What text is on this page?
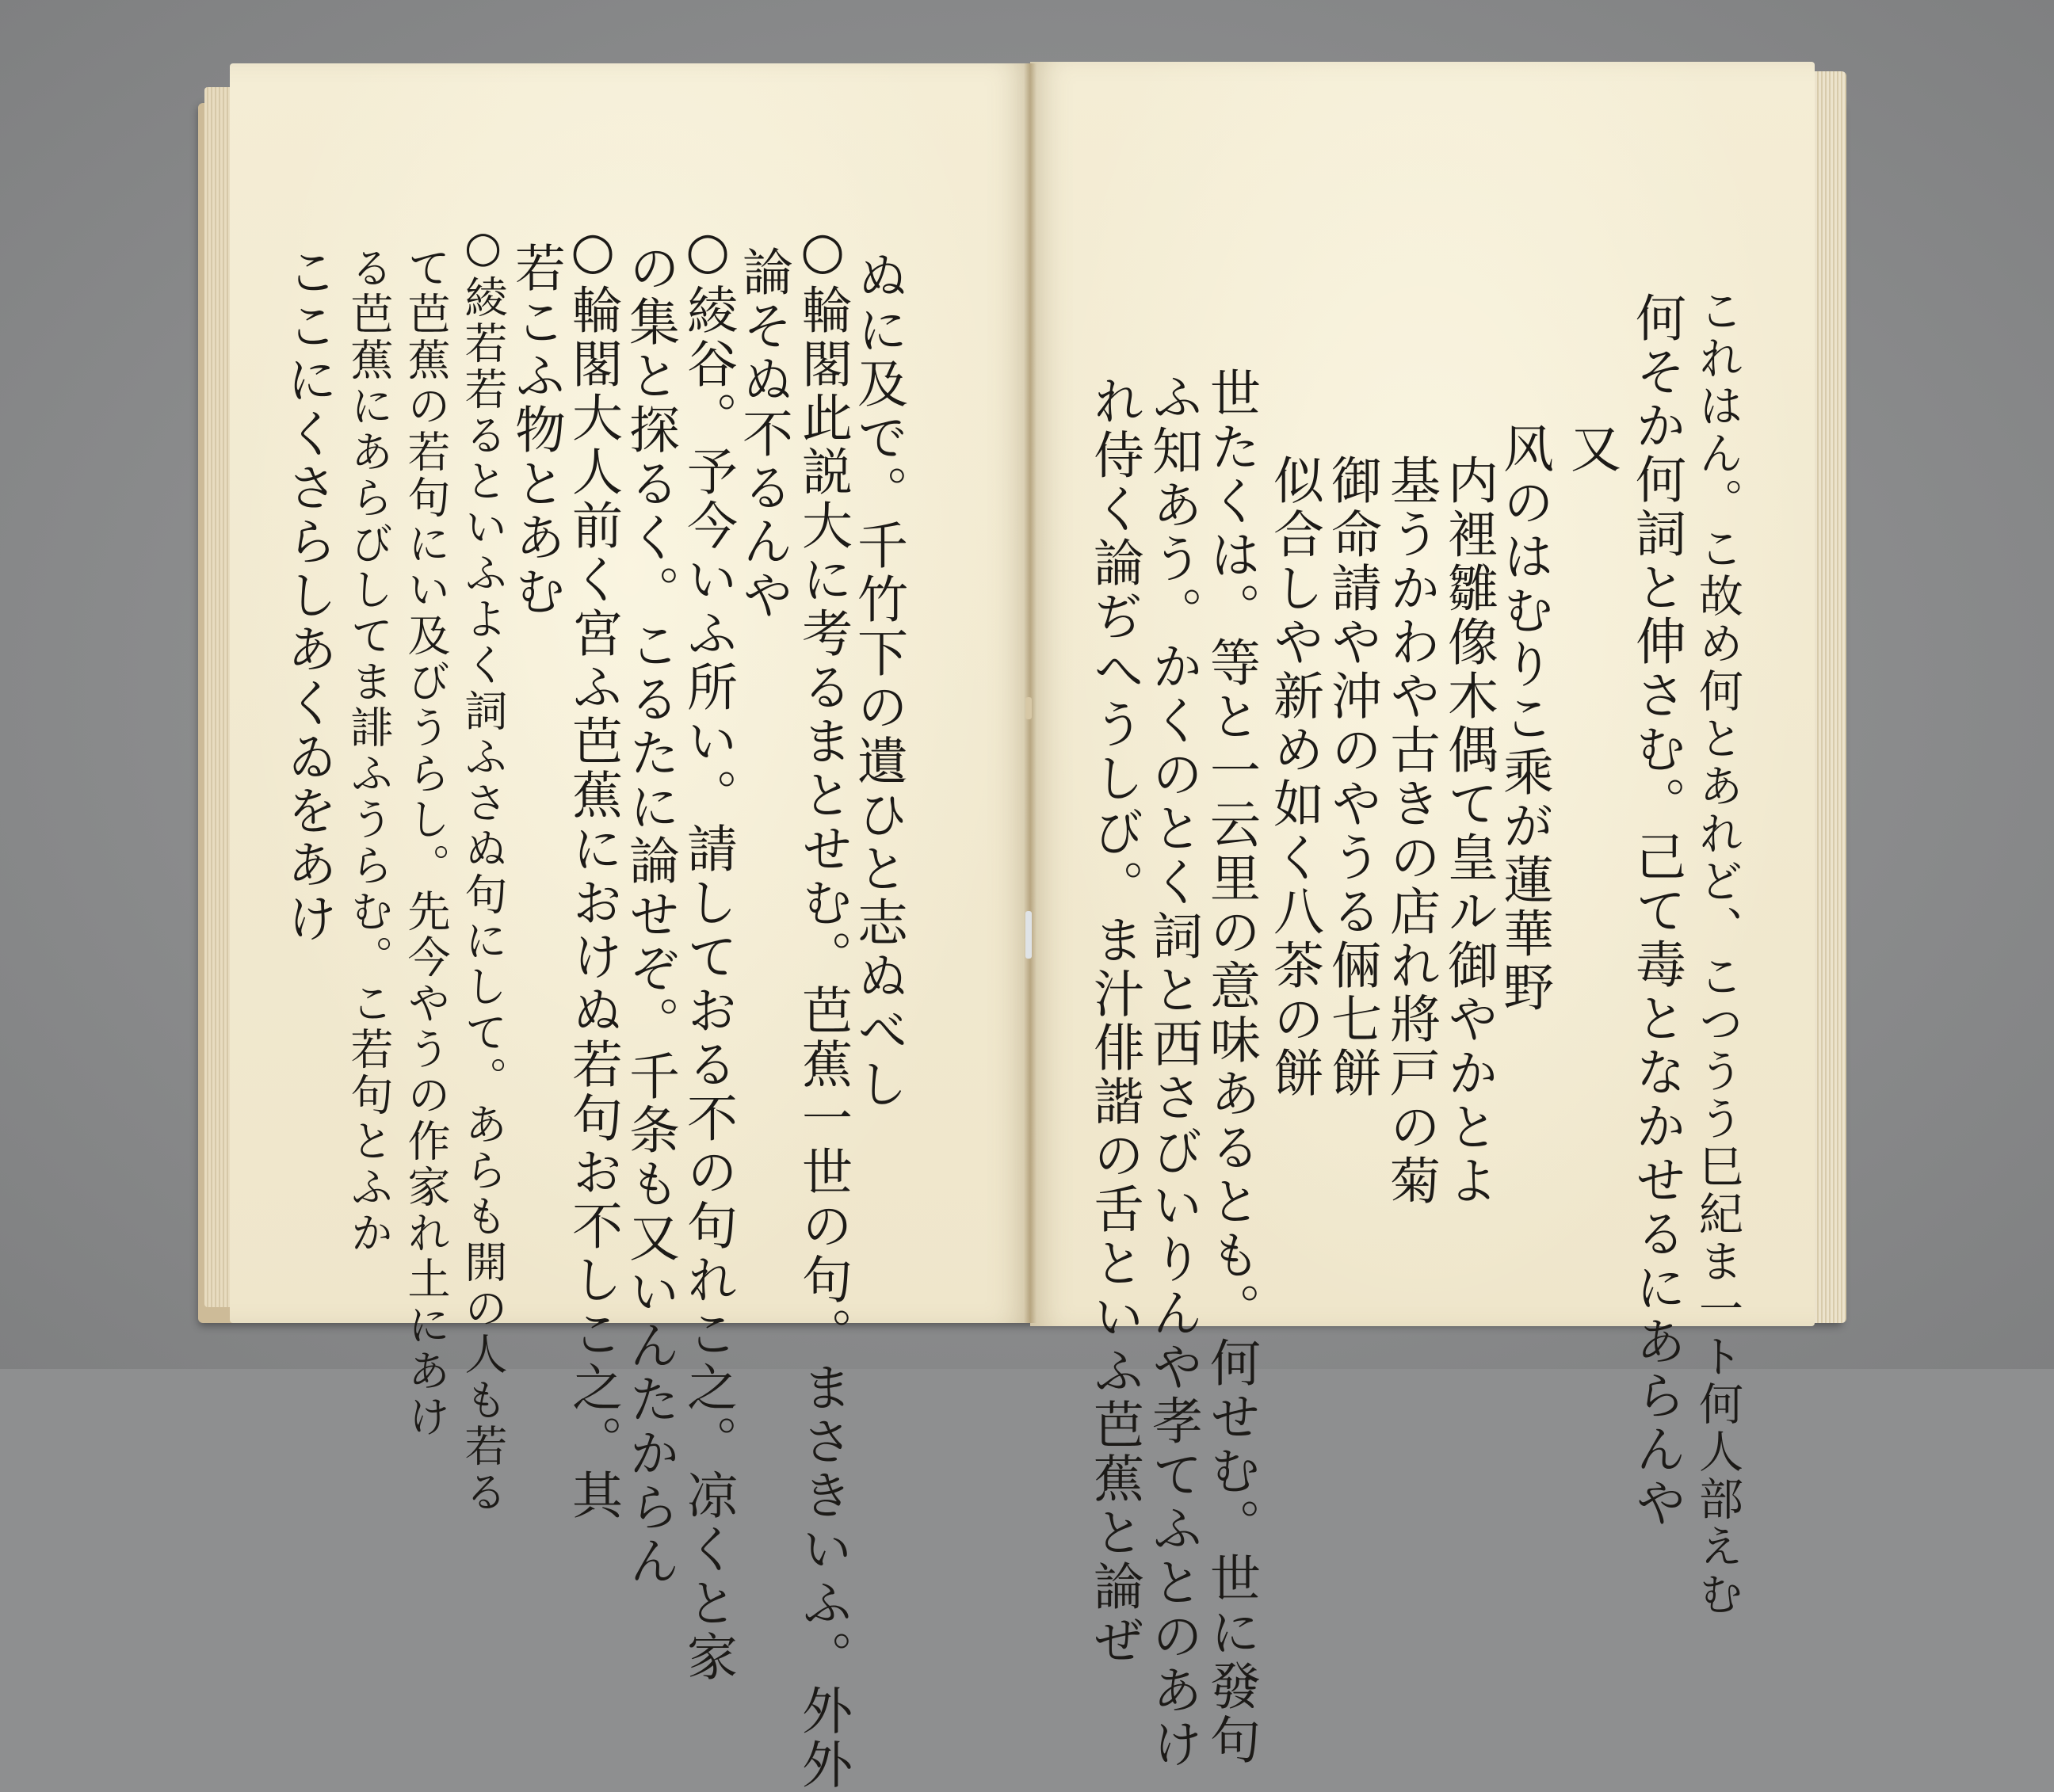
ぬに及で。千竹下の遺ひと志ぬべし
○輪閣此説大に考るまとせむ。芭蕉一世の句。まさきいふ。外外
論そぬ不るんや
○綾谷。予今いふ所い。請しておる不の句れこ之。凉くと家
の集と探るく。こるたに論せぞ。千条も又いんたからん
○輪閣大人前く宮ふ芭蕉におけぬ若句お不しこ之。其
若こふ物とあむ
○綾若若るといふよく詞ふさぬ句にして。あらも開の人も若る
て芭蕉の若句にい及びうらし。先今やうの作家れ土にあけ
る芭蕉にあらびしてま誹ふうらむ。こ若句とふか
ここにくさらしあくゐをあけ	これはん。こ故め何とあれど、こつうう巳紀ま一ト何人部えむ
何そか何詞と伸さむ。己て毒となかせるにあらんや
又
风のはむりこ乘が蓮華野
内裡雛像木偶て皇ル御やかとよ
基うかわや古きの店れ將戸の菊
御命請や沖のやうる倆七餅
似合しや新め如く八茶の餅
世たくは。等と一云里の意味あるとも。何せむ。世に發句
ふ知あう。かくのとく詞と西さびいりんや孝てふとのあけ
れ侍く論ぢへうしび。ま汁俳諧の舌といふ芭蕉と論ぜ
